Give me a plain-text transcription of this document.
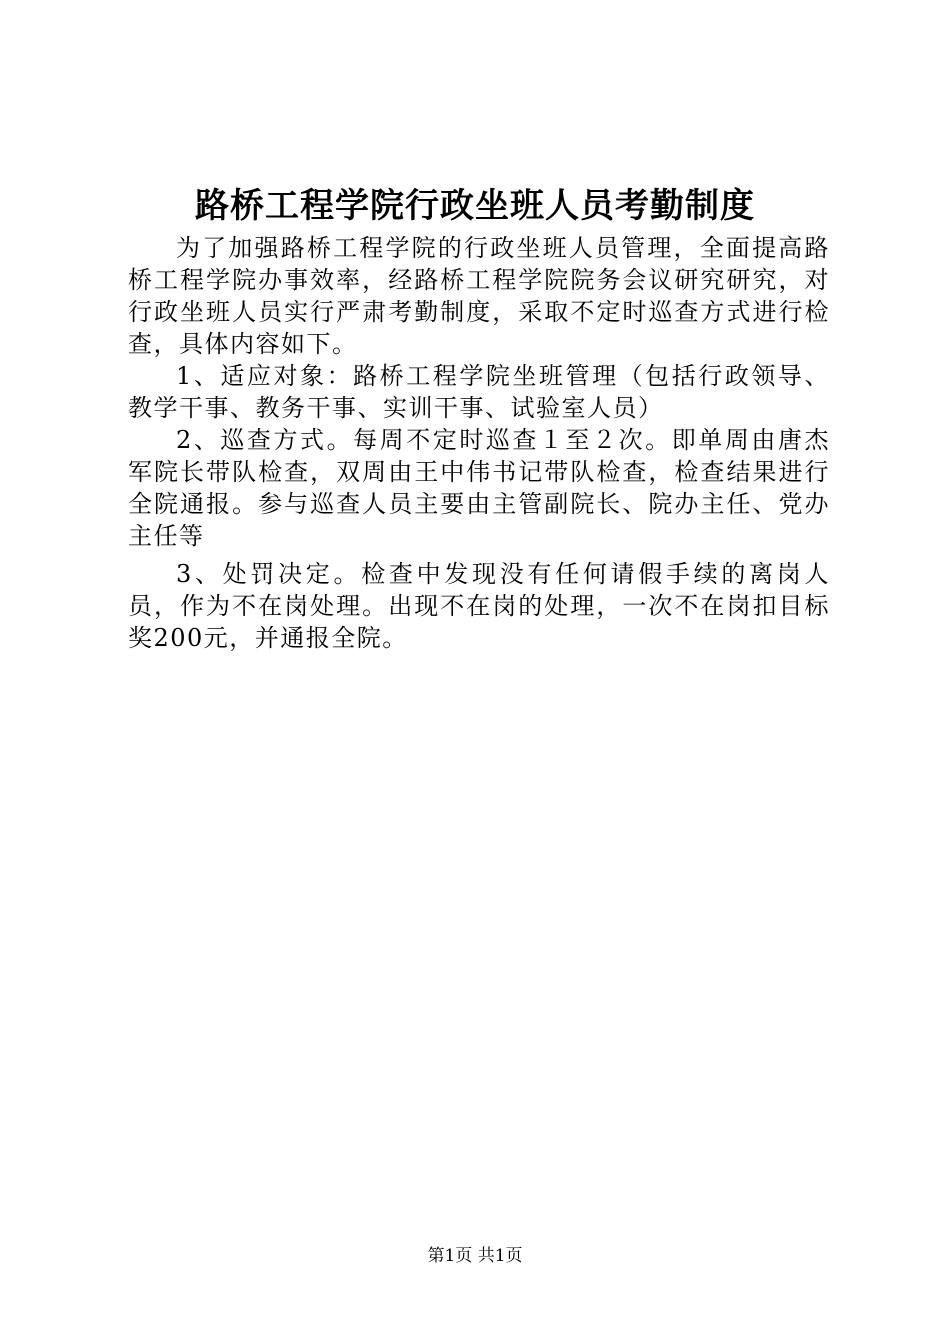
路桥工程学院行政坐班人员考勤制度

为了加强路桥工程学院的行政坐班人员管理，全面提高路桥工程学院办事效率，经路桥工程学院院务会议研究研究，对行政坐班人员实行严肃考勤制度，采取不定时巡查方式进行检查，具体内容如下。

1、适应对象：路桥工程学院坐班管理（包括行政领导、教学干事、教务干事、实训干事、试验室人员）

2、巡查方式。每周不定时巡查１至２次。即单周由唐杰军院长带队检查，双周由王中伟书记带队检查，检查结果进行全院通报。参与巡查人员主要由主管副院长、院办主任、党办主任等

3、处罚决定。检查中发现没有任何请假手续的离岗人员，作为不在岗处理。出现不在岗的处理，一次不在岗扣目标奖200元，并通报全院。

第1页 共1页
